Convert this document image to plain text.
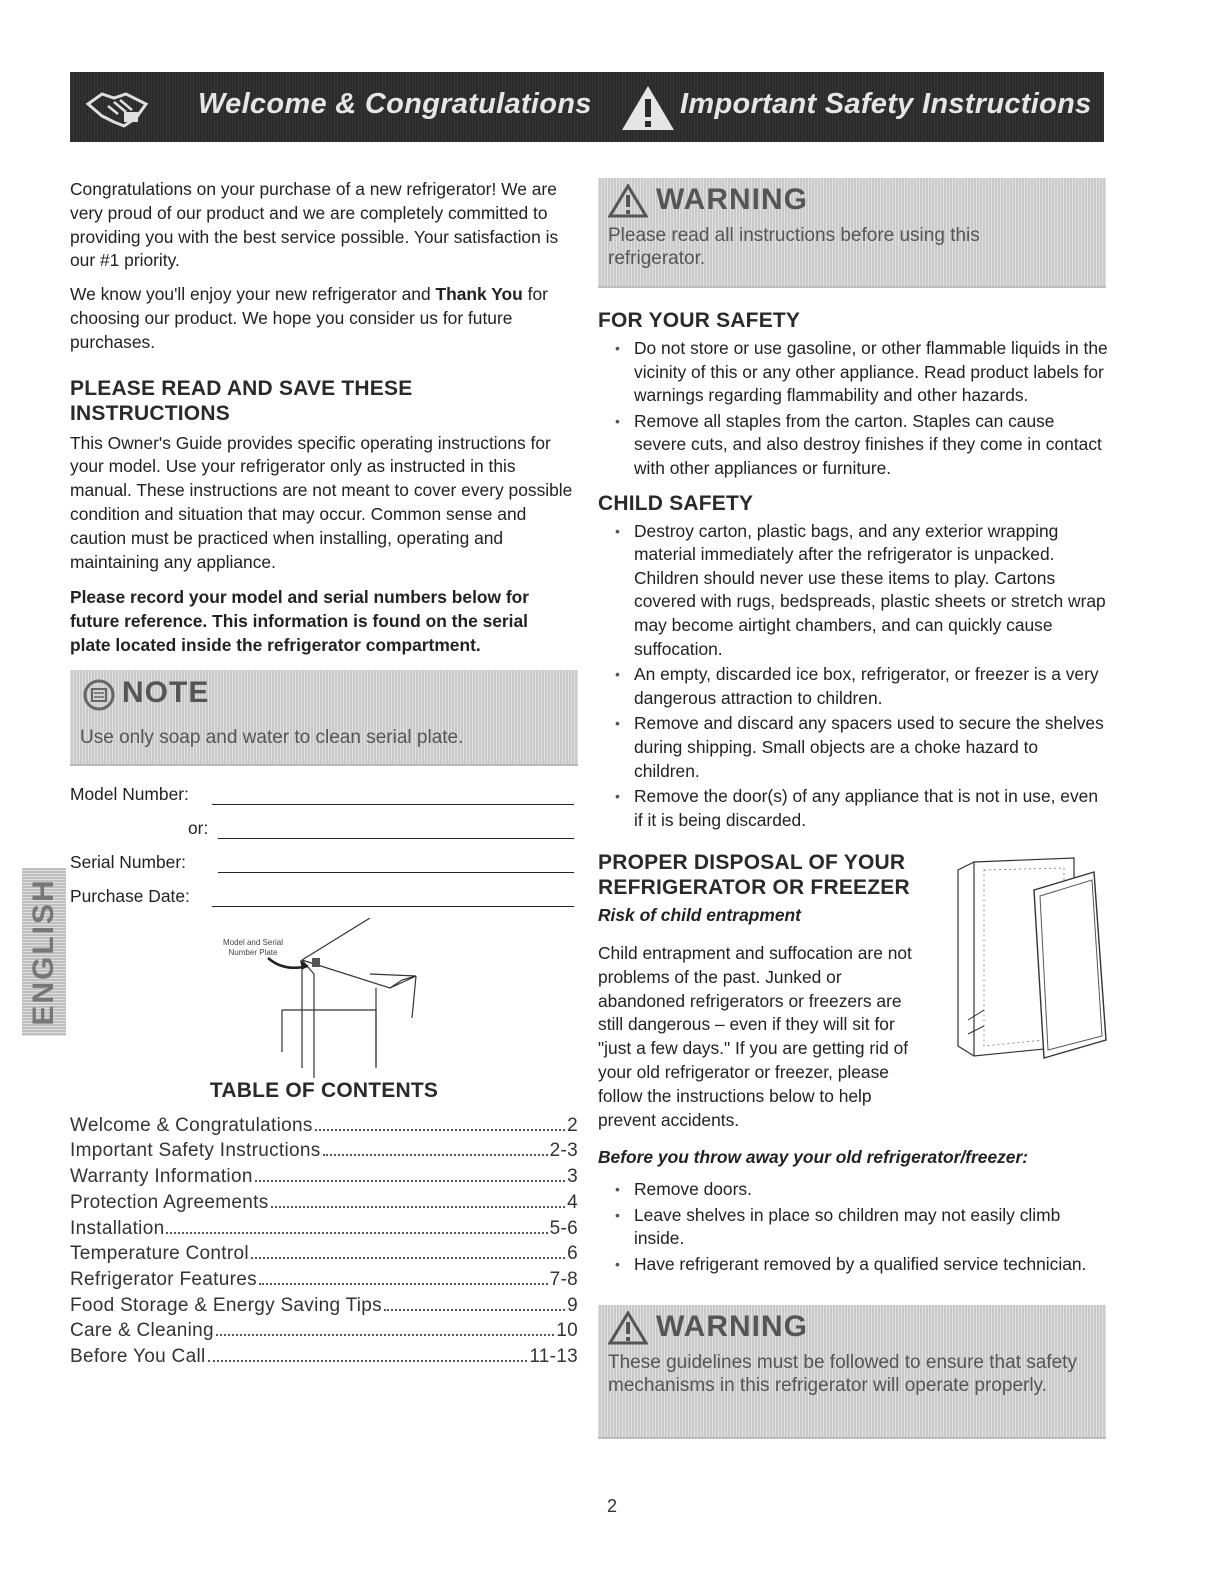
Welcome & Congratulations	Important Safety Instructions

Congratulations on your purchase of a new refrigerator! We are very proud of our product and we are completely committed to providing you with the best service possible. Your satisfaction is our #1 priority.

We know you'll enjoy your new refrigerator and Thank You for choosing our product. We hope you consider us for future purchases.

PLEASE READ AND SAVE THESE INSTRUCTIONS

This Owner's Guide provides specific operating instructions for your model. Use your refrigerator only as instructed in this manual. These instructions are not meant to cover every possible condition and situation that may occur. Common sense and caution must be practiced when installing, operating and maintaining any appliance.

Please record your model and serial numbers below for future reference. This information is found on the serial plate located inside the refrigerator compartment.

NOTE
Use only soap and water to clean serial plate.
Model Number:
or:
Serial Number:
Purchase Date:
Model and Serial
Number Plate
TABLE OF CONTENTS
Welcome & Congratulations	2
Important Safety Instructions	2-3
Warranty Information	3
Protection Agreements	4
Installation	5-6
Temperature Control	6
Refrigerator Features	7-8
Food Storage & Energy Saving Tips	9
Care & Cleaning	10
Before You Call	11-13
ENGLISH
WARNING
Please read all instructions before using this refrigerator.
FOR YOUR SAFETY
• Do not store or use gasoline, or other flammable liquids in the vicinity of this or any other appliance. Read product labels for warnings regarding flammability and other hazards.
• Remove all staples from the carton. Staples can cause severe cuts, and also destroy finishes if they come in contact with other appliances or furniture.
CHILD SAFETY
• Destroy carton, plastic bags, and any exterior wrapping material immediately after the refrigerator is unpacked. Children should never use these items to play. Cartons covered with rugs, bedspreads, plastic sheets or stretch wrap may become airtight chambers, and can quickly cause suffocation.
• An empty, discarded ice box, refrigerator, or freezer is a very dangerous attraction to children.
• Remove and discard any spacers used to secure the shelves during shipping. Small objects are a choke hazard to children.
• Remove the door(s) of any appliance that is not in use, even if it is being discarded.
PROPER DISPOSAL OF YOUR REFRIGERATOR OR FREEZER

Risk of child entrapment

Child entrapment and suffocation are not problems of the past. Junked or abandoned refrigerators or freezers are still dangerous – even if they will sit for "just a few days." If you are getting rid of your old refrigerator or freezer, please follow the instructions below to help prevent accidents.

Before you throw away your old refrigerator/freezer:

• Remove doors.
• Leave shelves in place so children may not easily climb inside.
• Have refrigerant removed by a qualified service technician.
WARNING
These guidelines must be followed to ensure that safety mechanisms in this refrigerator will operate properly.
2
